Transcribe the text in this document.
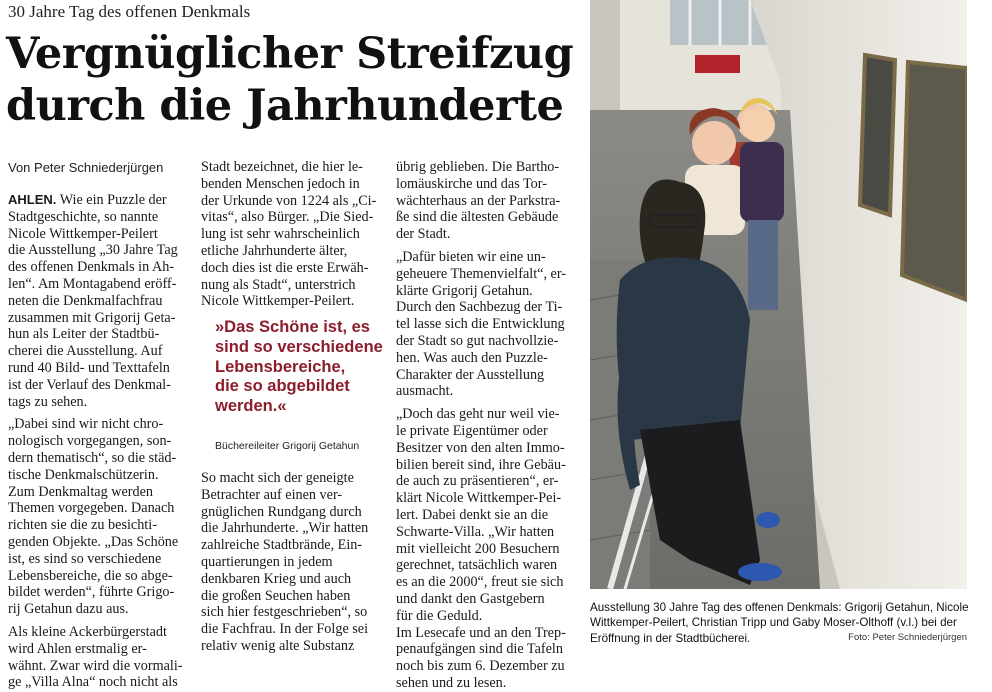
30 Jahre Tag des offenen Denkmals
Vergnüglicher Streifzug
durch die Jahrhunderte
Von Peter Schniederjürgen
AHLEN. Wie ein Puzzle der

Stadtgeschichte, so nannte
Nicole Wittkemper-Peilert
die Ausstellung „30 Jahre Tag
des offenen Denkmals in Ah-
len“. Am Montagabend eröff-
neten die Denkmalfachfrau
zusammen mit Grigorij Geta-
hun als Leiter der Stadtbü-
cherei die Ausstellung. Auf
rund 40 Bild- und Texttafeln
ist der Verlauf des Denkmal-
tags zu sehen.
„Dabei sind wir nicht chro-
nologisch vorgegangen, son-
dern thematisch“, so die städ-
tische Denkmalschützerin.
Zum Denkmaltag werden
Themen vorgegeben. Danach
richten sie die zu besichti-
genden Objekte. „Das Schöne
ist, es sind so verschiedene
Lebensbereiche, die so abge-
bildet werden“, führte Grigo-
rij Getahun dazu aus.
Als kleine Ackerbürgerstadt
wird Ahlen erstmalig er-
wähnt. Zwar wird die vormali-
ge „Villa Alna“ noch nicht als
Stadt bezeichnet, die hier le-
benden Menschen jedoch in
der Urkunde von 1224 als „Ci-
vitas“, also Bürger. „Die Sied-
lung ist sehr wahrscheinlich
etliche Jahrhunderte älter,
doch dies ist die erste Erwäh-
nung als Stadt“, unterstrich
Nicole Wittkemper-Peilert.
So macht sich der geneigte
Betrachter auf einen ver-
gnüglichen Rundgang durch
die Jahrhunderte. „Wir hatten
zahlreiche Stadtbrände, Ein-
quartierungen in jedem
denkbaren Krieg und auch
die großen Seuchen haben
sich hier festgeschrieben“, so
die Fachfrau. In der Folge sei
relativ wenig alte Substanz
übrig geblieben. Die Bartho-
lomäuskirche und das Tor-
wächterhaus an der Parkstra-
ße sind die ältesten Gebäude
der Stadt.
„Dafür bieten wir eine un-
geheuere Themenvielfalt“, er-
klärte Grigorij Getahun.
Durch den Sachbezug der Ti-
tel lasse sich die Entwicklung
der Stadt so gut nachvollzie-
hen. Was auch den Puzzle-
Charakter der Ausstellung
ausmacht.
„Doch das geht nur weil vie-
le private Eigentümer oder
Besitzer von den alten Immo-
bilien bereit sind, ihre Gebäu-
de auch zu präsentieren“, er-
klärt Nicole Wittkemper-Pei-
lert. Dabei denkt sie an die
Schwarte-Villa. „Wir hatten
mit vielleicht 200 Besuchern
gerechnet, tatsächlich waren
es an die 2000“, freut sie sich
und dankt den Gastgebern
für die Geduld.
Im Lesecafe und an den Trep-
penaufgängen sind die Tafeln
noch bis zum 6. Dezember zu
sehen und zu lesen.
»Das Schöne ist, es
sind so verschiedene
Lebensbereiche,
die so abgebildet
werden.«
Büchereileiter Grigorij Getahun
Ausstellung 30 Jahre Tag des offenen Denkmals: Grigorij Getahun, Nicole
Wittkemper-Peilert, Christian Tripp und Gaby Moser-Olthoff (v.l.) bei der
Eröffnung in der Stadtbücherei.	Foto: Peter Schniederjürgen
